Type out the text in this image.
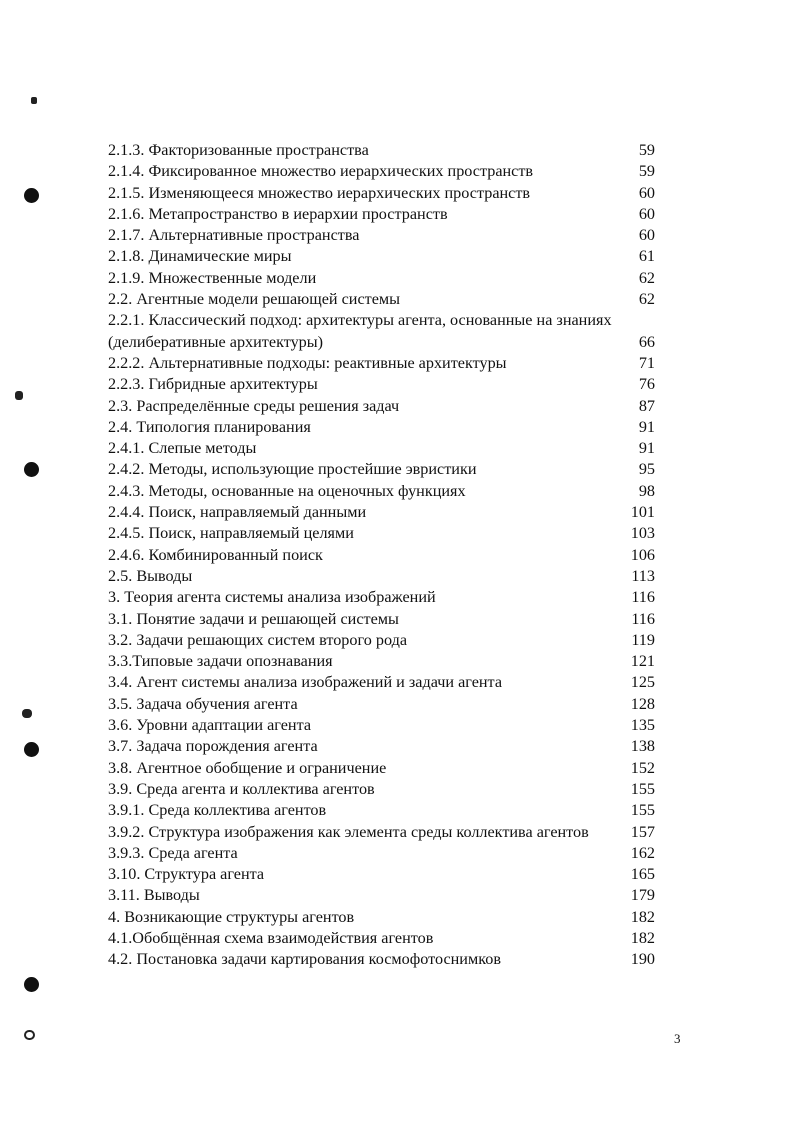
2.1.3. Факторизованные пространства	59
2.1.4. Фиксированное множество иерархических пространств	59
2.1.5. Изменяющееся множество иерархических пространств	60
2.1.6. Метапространство в иерархии пространств	60
2.1.7. Альтернативные пространства	60
2.1.8. Динамические миры	61
2.1.9. Множественные модели	62
2.2. Агентные модели решающей системы	62
2.2.1. Классический подход: архитектуры агента, основанные на знаниях (делиберативные архитектуры)	66
2.2.2. Альтернативные подходы: реактивные архитектуры	71
2.2.3. Гибридные архитектуры	76
2.3. Распределённые среды решения задач	87
2.4. Типология планирования	91
2.4.1. Слепые методы	91
2.4.2. Методы, использующие простейшие эвристики	95
2.4.3. Методы, основанные на оценочных функциях	98
2.4.4. Поиск, направляемый данными	101
2.4.5. Поиск, направляемый целями	103
2.4.6. Комбинированный поиск	106
2.5. Выводы	113
3. Теория агента системы анализа изображений	116
3.1. Понятие задачи и решающей системы	116
3.2. Задачи решающих систем второго рода	119
3.3.Типовые задачи опознавания	121
3.4. Агент системы анализа изображений и задачи агента	125
3.5. Задача обучения агента	128
3.6. Уровни адаптации агента	135
3.7. Задача порождения агента	138
3.8. Агентное обобщение и ограничение	152
3.9. Среда агента и коллектива агентов	155
3.9.1. Среда коллектива агентов	155
3.9.2. Структура изображения как элемента среды коллектива агентов	157
3.9.3. Среда агента	162
3.10. Структура агента	165
3.11. Выводы	179
4. Возникающие структуры агентов	182
4.1.Обобщённая схема взаимодействия агентов	182
4.2. Постановка задачи картирования космофотоснимков	190
3
